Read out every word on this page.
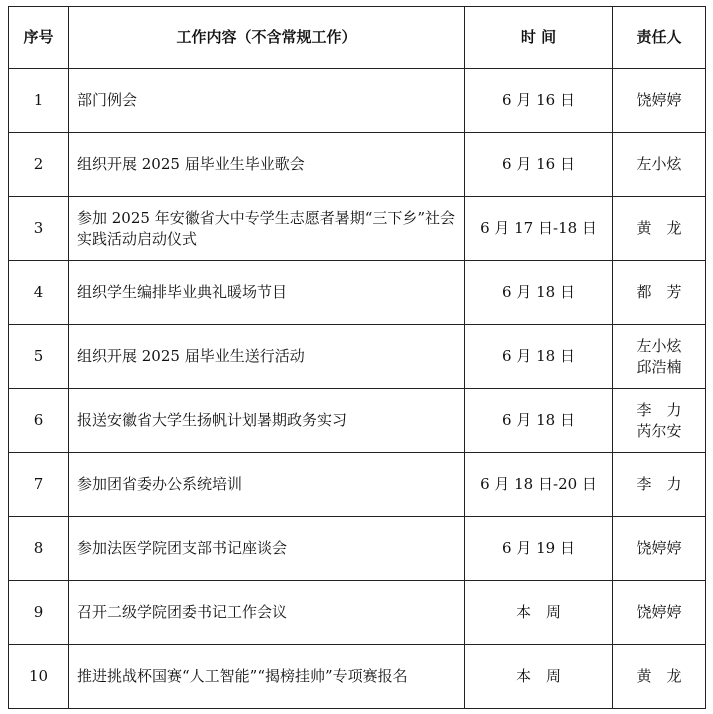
序号	工作内容（不含常规工作）	时 间	责任人
1	部门例会	6 月 16 日	饶婷婷

2	组织开展 2025 届毕业生毕业歌会	6 月 16 日	左小炫

3	参加 2025 年安徽省大中专学生志愿者暑期“三下乡”社会实践活动启动仪式	6 月 17 日-18 日	黄　龙

4	组织学生编排毕业典礼暖场节目	6 月 18 日	都　芳

5	组织开展 2025 届毕业生送行活动	6 月 18 日	左小炫
邱浩楠

6	报送安徽省大学生扬帆计划暑期政务实习	6 月 18 日	李　力
芮尔安

7	参加团省委办公系统培训	6 月 18 日-20 日	李　力

8	参加法医学院团支部书记座谈会	6 月 19 日	饶婷婷

9	召开二级学院团委书记工作会议	本　周	饶婷婷

10	推进挑战杯国赛“人工智能”“揭榜挂帅”专项赛报名	本　周	黄　龙
